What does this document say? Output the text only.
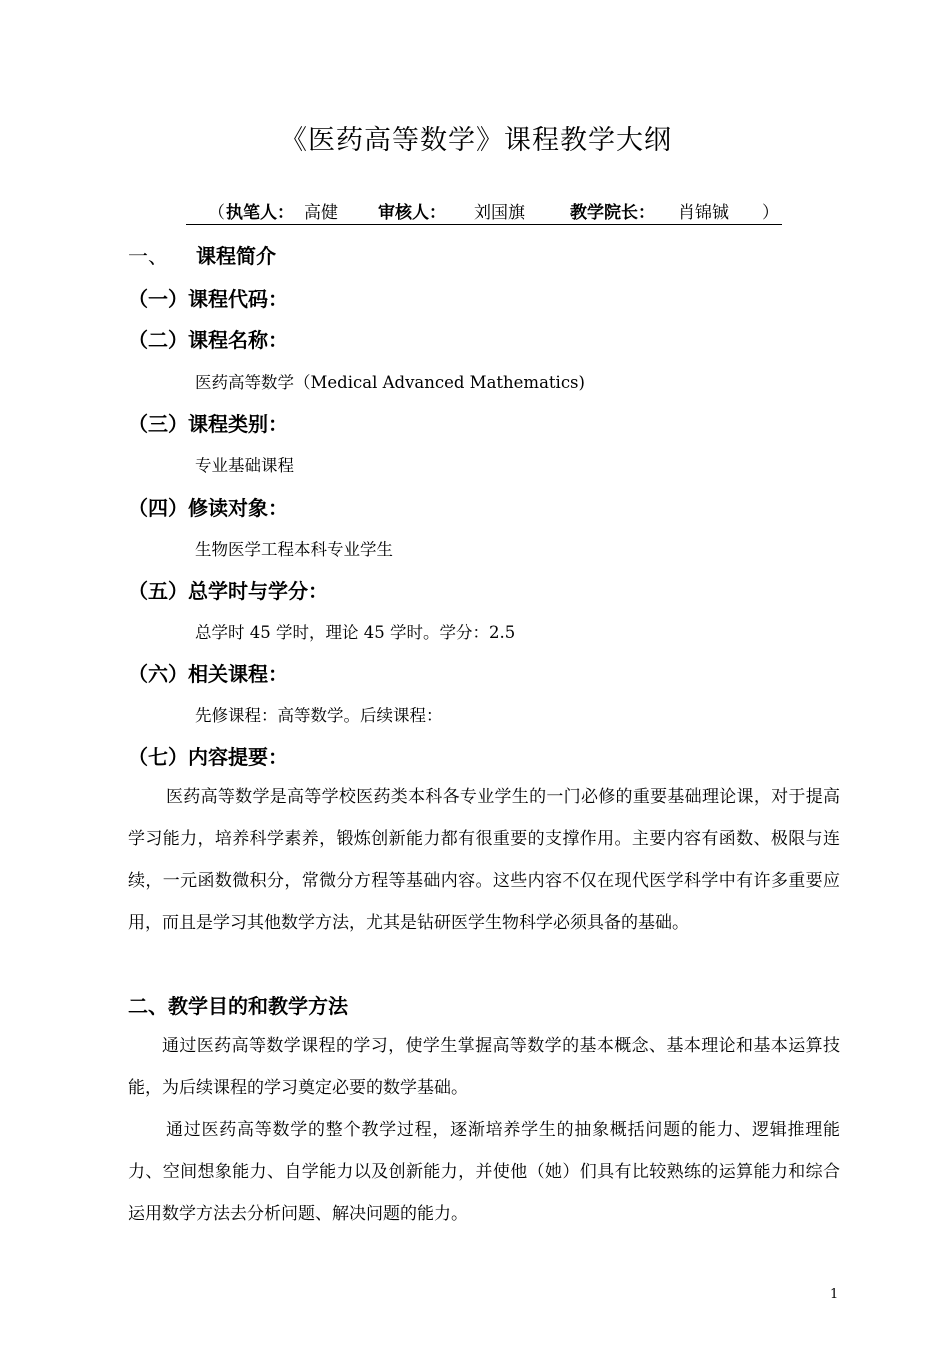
《医药高等数学》课程教学大纲
（ 执笔人： 高健 审核人： 刘国旗	教学院长： 肖锦铖 ）
一、 课程简介
（一）课程代码：
（二）课程名称：
医药高等数学（Medical Advanced Mathematics)
（三）课程类别：
专业基础课程
（四）修读对象：
生物医学工程本科专业学生
（五）总学时与学分：
总学时 45 学时，理论 45 学时。学分：2.5
（六）相关课程：
先修课程：高等数学。后续课程：
（七）内容提要：
医药高等数学是高等学校医药类本科各专业学生的一门必修的重要基础理论课，对于提高学习能力，培养科学素养，锻炼创新能力都有很重要的支撑作用。主要内容有函数、极限与连续，一元函数微积分，常微分方程等基础内容。这些内容不仅在现代医学科学中有许多重要应用，而且是学习其他数学方法，尤其是钻研医学生物科学必须具备的基础。
二、教学目的和教学方法
通过医药高等数学课程的学习，使学生掌握高等数学的基本概念、基本理论和基本运算技能，为后续课程的学习奠定必要的数学基础。
通过医药高等数学的整个教学过程，逐渐培养学生的抽象概括问题的能力、逻辑推理能力、空间想象能力、自学能力以及创新能力，并使他（她）们具有比较熟练的运算能力和综合运用数学方法去分析问题、解决问题的能力。
1
